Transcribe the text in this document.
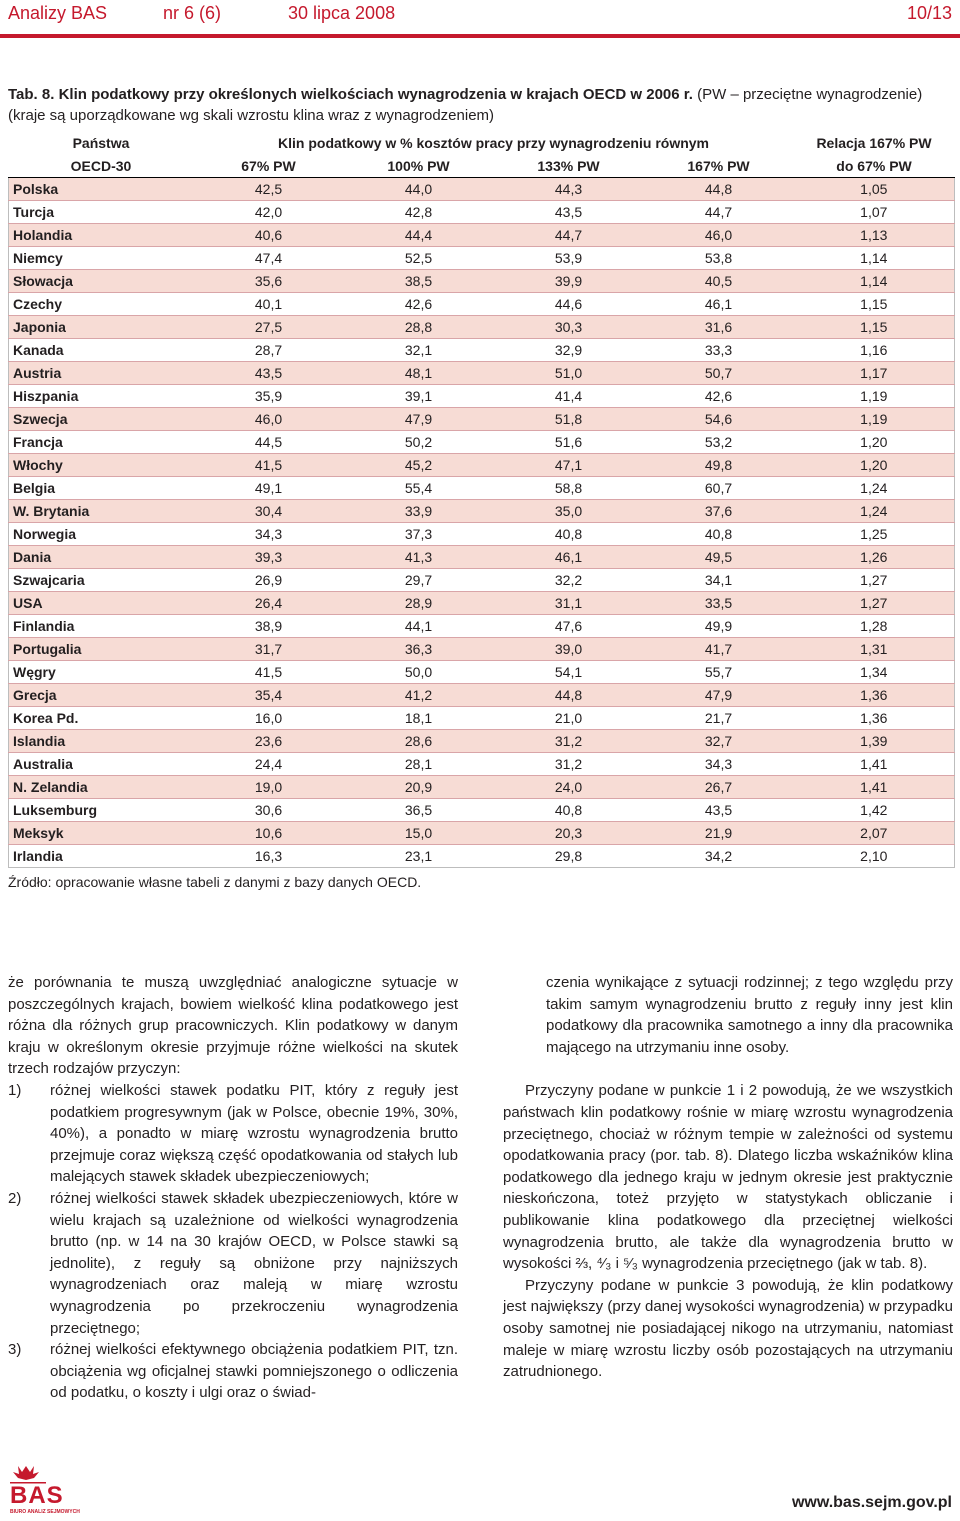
Analizy BAS	nr 6 (6)	30 lipca 2008	10/13
Tab. 8. Klin podatkowy przy określonych wielkościach wynagrodzenia w krajach OECD w 2006 r. (PW – przeciętne wynagrodzenie) (kraje są uporządkowane wg skali wzrostu klina wraz z wynagrodzeniem)
Państwa	Klin podatkowy w % kosztów pracy przy wynagrodzeniu równym				Relacja 167% PW
OECD-30	67% PW	100% PW	133% PW	167% PW	do 67% PW
Polska	42,5	44,0	44,3	44,8	1,05
Turcja	42,0	42,8	43,5	44,7	1,07
Holandia	40,6	44,4	44,7	46,0	1,13
Niemcy	47,4	52,5	53,9	53,8	1,14
Słowacja	35,6	38,5	39,9	40,5	1,14
Czechy	40,1	42,6	44,6	46,1	1,15
Japonia	27,5	28,8	30,3	31,6	1,15
Kanada	28,7	32,1	32,9	33,3	1,16
Austria	43,5	48,1	51,0	50,7	1,17
Hiszpania	35,9	39,1	41,4	42,6	1,19
Szwecja	46,0	47,9	51,8	54,6	1,19
Francja	44,5	50,2	51,6	53,2	1,20
Włochy	41,5	45,2	47,1	49,8	1,20
Belgia	49,1	55,4	58,8	60,7	1,24
W. Brytania	30,4	33,9	35,0	37,6	1,24
Norwegia	34,3	37,3	40,8	40,8	1,25
Dania	39,3	41,3	46,1	49,5	1,26
Szwajcaria	26,9	29,7	32,2	34,1	1,27
USA	26,4	28,9	31,1	33,5	1,27
Finlandia	38,9	44,1	47,6	49,9	1,28
Portugalia	31,7	36,3	39,0	41,7	1,31
Węgry	41,5	50,0	54,1	55,7	1,34
Grecja	35,4	41,2	44,8	47,9	1,36
Korea Pd.	16,0	18,1	21,0	21,7	1,36
Islandia	23,6	28,6	31,2	32,7	1,39
Australia	24,4	28,1	31,2	34,3	1,41
N. Zelandia	19,0	20,9	24,0	26,7	1,41
Luksemburg	30,6	36,5	40,8	43,5	1,42
Meksyk	10,6	15,0	20,3	21,9	2,07
Irlandia	16,3	23,1	29,8	34,2	2,10
Źródło: opracowanie własne tabeli z danymi z bazy danych OECD.

że porównania te muszą uwzględniać analogiczne sytuacje w poszczególnych krajach, bowiem wielkość klina podatkowego jest różna dla różnych grup pracowniczych. Klin podatkowy w danym kraju w określonym okresie przyjmuje różne wielkości na skutek trzech rodzajów przyczyn:

1) różnej wielkości stawek podatku PIT, który z reguły jest podatkiem progresywnym (jak w Polsce, obecnie 19%, 30%, 40%), a ponadto w miarę wzrostu wynagrodzenia brutto przejmuje coraz większą część opodatkowania od stałych lub malejących stawek składek ubezpieczeniowych;
2) różnej wielkości stawek składek ubezpieczeniowych, które w wielu krajach są uzależnione od wielkości wynagrodzenia brutto (np. w 14 na 30 krajów OECD, w Polsce stawki są jednolite), z reguły są obniżone przy najniższych wynagrodzeniach oraz maleją w miarę wzrostu wynagrodzenia po przekroczeniu wynagrodzenia przeciętnego;
3) różnej wielkości efektywnego obciążenia podatkiem PIT, tzn. obciążenia wg oficjalnej stawki pomniejszonego o odliczenia od podatku, o koszty i ulgi oraz o świad-

czenia wynikające z sytuacji rodzinnej; z tego względu przy takim samym wynagrodzeniu brutto z reguły inny jest klin podatkowy dla pracownika samotnego a inny dla pracownika mającego na utrzymaniu inne osoby.

Przyczyny podane w punkcie 1 i 2 powodują, że we wszystkich państwach klin podatkowy rośnie w miarę wzrostu wynagrodzenia przeciętnego, chociaż w różnym tempie w zależności od systemu opodatkowania pracy (por. tab. 8). Dlatego liczba wskaźników klina podatkowego dla jednego kraju w jednym okresie jest praktycznie nieskończona, toteż przyjęto w statystykach obliczanie i publikowanie klina podatkowego dla przeciętnej wielkości wynagrodzenia brutto, ale także dla wynagrodzenia brutto w wysokości ⅔, ⁴⁄₃ i ⁵⁄₃ wynagrodzenia przeciętnego (jak w tab. 8).

Przyczyny podane w punkcie 3 powodują, że klin podatkowy jest największy (przy danej wysokości wynagrodzenia) w przypadku osoby samotnej nie posiadającej nikogo na utrzymaniu, natomiast maleje w miarę wzrostu liczby osób pozostających na utrzymaniu zatrudnionego.

BAS
BIURO ANALIZ SEJMOWYCH
www.bas.sejm.gov.pl
